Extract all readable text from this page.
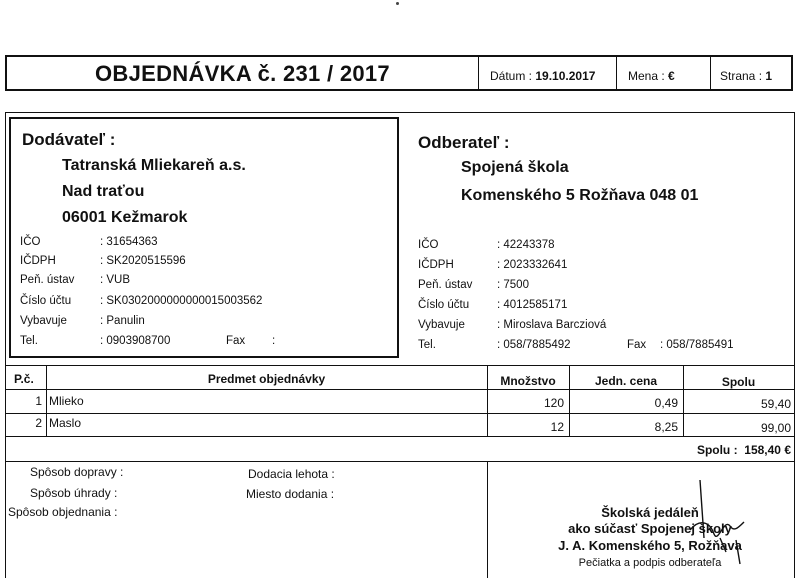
OBJEDNÁVKA č. 231 / 2017	Dátum : 19.10.2017	Mena : €	Strana : 1
Dodávateľ :
Tatranská Mliekareň a.s.
Nad traťou
06001 Kežmarok
IČO	: 31654363
IČDPH	: SK2020515596
Peň. ústav : VUB
Číslo účtu	: SK0302000000000015003562
Vybavuje	: Panulin
Tel.	: 0903908700	Fax :
Odberateľ :
Spojená škola
Komenského 5 Rožňava 048 01
IČO	: 42243378
IČDPH	: 2023332641
Peň. ústav : 7500
Číslo účtu : 4012585171
Vybavuje	: Miroslava Barcziová
Tel.	: 058/7885492	Fax : 058/7885491
P.č.	Predmet objednávky	Množstvo	Jedn. cena	Spolu
1 Mlieko	120	0,49	59,40
2 Maslo	12	8,25	99,00
Spolu : 158,40 €
Spôsob dopravy :
Spôsob úhrady :
Spôsob objednania :
Dodacia lehota :
Miesto dodania :
Školská jedáleň
ako súčasť Spojenej školy
J. A. Komenského 5, Rožňava
Pečiatka a podpis odberateľa
